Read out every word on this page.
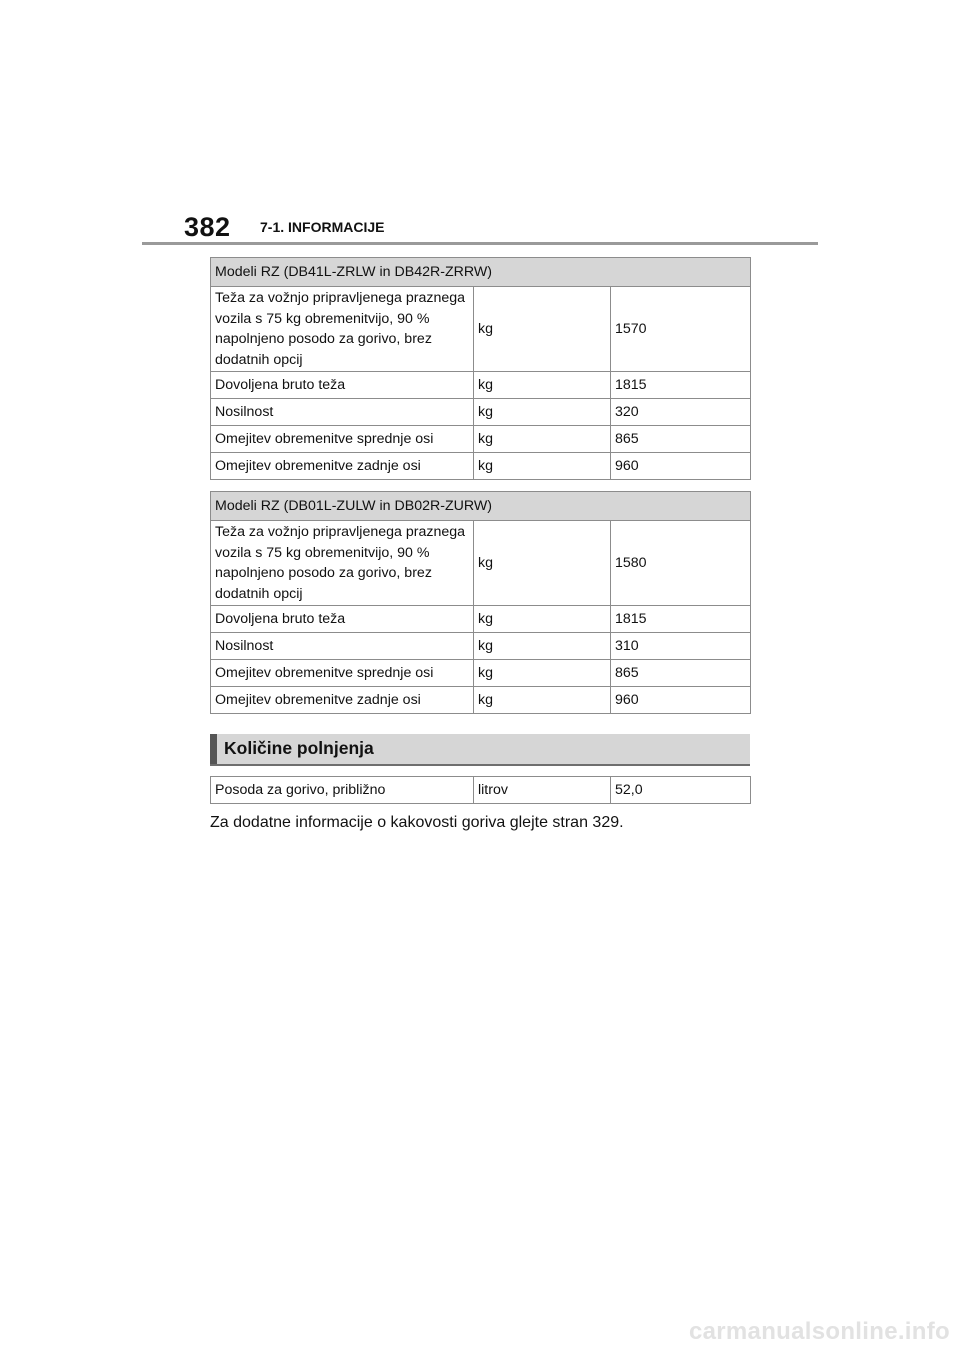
382 7-1. INFORMACIJE
Modeli RZ (DB41L-ZRLW in DB42R-ZRRW)		
Teža za vožnjo pripravljenega praznega vozila s 75 kg obremenitvijo, 90 % napolnjeno posodo za gorivo, brez dodatnih opcij	kg	1570
Dovoljena bruto teža	kg	1815
Nosilnost	kg	320
Omejitev obremenitve sprednje osi	kg	865
Omejitev obremenitve zadnje osi	kg	960
Modeli RZ (DB01L-ZULW in DB02R-ZURW)		
Teža za vožnjo pripravljenega praznega vozila s 75 kg obremenitvijo, 90 % napolnjeno posodo za gorivo, brez dodatnih opcij	kg	1580
Dovoljena bruto teža	kg	1815
Nosilnost	kg	310
Omejitev obremenitve sprednje osi	kg	865
Omejitev obremenitve zadnje osi	kg	960
Količine polnjenja
Posoda za gorivo, približno	litrov	52,0
Za dodatne informacije o kakovosti goriva glejte stran 329.
carmanualsonline.info
